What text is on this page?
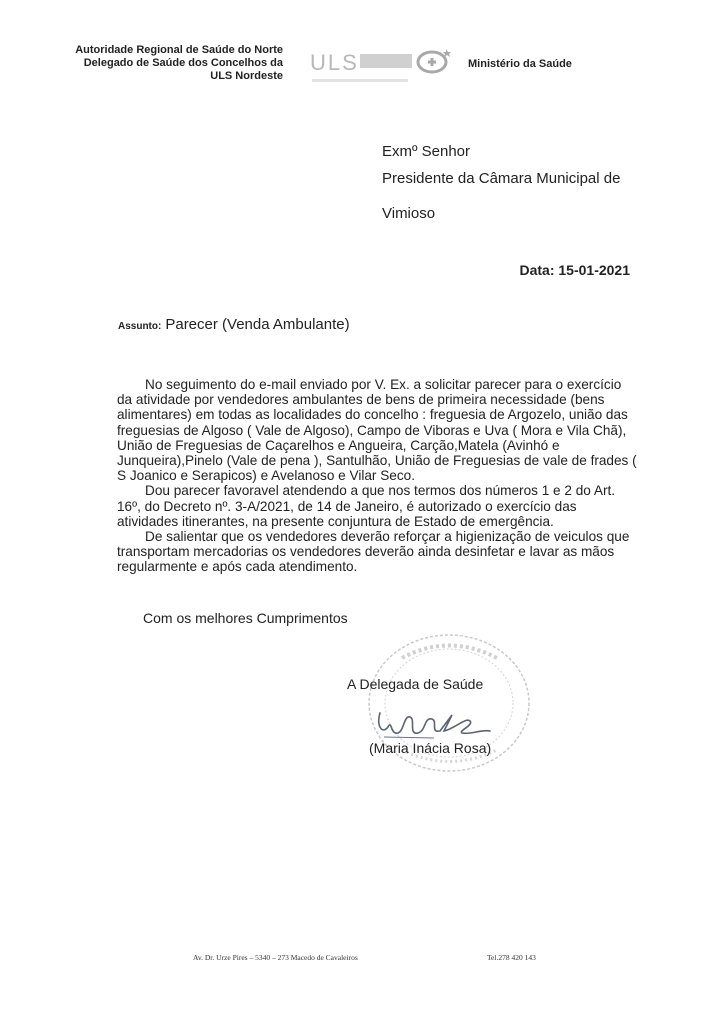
Autoridade Regional de Saúde do Norte
Delegado de Saúde dos Concelhos da
ULS Nordeste
ULS	Ministério da Saúde
Exmº Senhor
Presidente da Câmara Municipal de
Vimioso
Data: 15-01-2021
Assunto: Parecer (Venda Ambulante)

No seguimento do e-mail enviado por V. Ex. a solicitar parecer para o exercício da atividade por vendedores ambulantes de bens de primeira necessidade (bens alimentares) em todas as localidades do concelho : freguesia de Argozelo, união das freguesias de Algoso ( Vale de Algoso), Campo de Viboras e Uva ( Mora e Vila Chã), União de Freguesias de Caçarelhos e Angueira, Carção,Matela (Avinhó e Junqueira),Pinelo (Vale de pena ), Santulhão, União de Freguesias de vale de frades ( S Joanico e Serapicos) e Avelanoso e Vilar Seco.

Dou parecer favoravel atendendo a que nos termos dos números 1 e 2 do Art. 16º, do Decreto nº. 3-A/2021, de 14 de Janeiro, é autorizado o exercício das atividades itinerantes, na presente conjuntura de Estado de emergência.

De salientar que os vendedores deverão reforçar a higienização de veiculos que transportam mercadorias os vendedores deverão ainda desinfetar e lavar as mãos regularmente e após cada atendimento.

Com os melhores Cumprimentos
A Delegada de Saúde
(Maria Inácia Rosa)
Av. Dr. Urze Pires – 5340 – 273 Macedo de Cavaleiros	Tel.278 420 143
